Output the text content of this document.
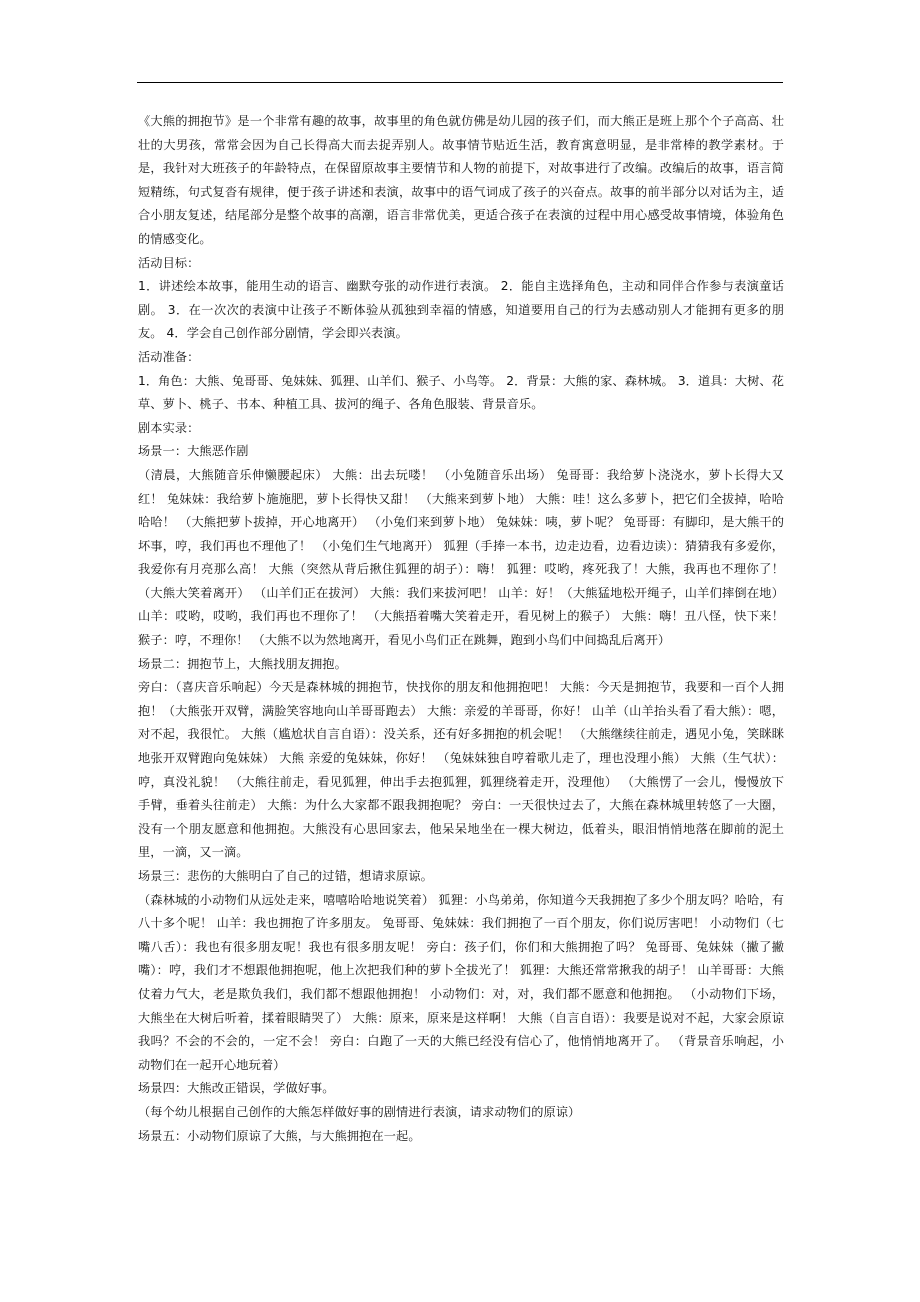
《大熊的拥抱节》是一个非常有趣的故事，故事里的角色就仿佛是幼儿园的孩子们，而大熊正是班上那个个子高高、壮壮的大男孩，常常会因为自己长得高大而去捉弄别人。故事情节贴近生活，教育寓意明显，是非常棒的教学素材。于是，我针对大班孩子的年龄特点，在保留原故事主要情节和人物的前提下，对故事进行了改编。改编后的故事，语言简短精练，句式复沓有规律，便于孩子讲述和表演，故事中的语气词成了孩子的兴奋点。故事的前半部分以对话为主，适合小朋友复述，结尾部分是整个故事的高潮，语言非常优美，更适合孩子在表演的过程中用心感受故事情境，体验角色的情感变化。

活动目标：

1．讲述绘本故事，能用生动的语言、幽默夸张的动作进行表演。 2．能自主选择角色，主动和同伴合作参与表演童话剧。 3．在一次次的表演中让孩子不断体验从孤独到幸福的情感，知道要用自己的行为去感动别人才能拥有更多的朋友。 4．学会自己创作部分剧情，学会即兴表演。

活动准备：

1．角色：大熊、兔哥哥、兔妹妹、狐狸、山羊们、猴子、小鸟等。 2．背景：大熊的家、森林城。 3．道具：大树、花草、萝卜、桃子、书本、种植工具、拔河的绳子、各角色服装、背景音乐。

剧本实录：

场景一：大熊恶作剧

（清晨，大熊随音乐伸懒腰起床） 大熊：出去玩喽！ （小兔随音乐出场） 兔哥哥：我给萝卜浇浇水，萝卜长得大又红！ 兔妹妹：我给萝卜施施肥，萝卜长得快又甜！ （大熊来到萝卜地） 大熊：哇！这么多萝卜，把它们全拔掉，哈哈哈哈！ （大熊把萝卜拔掉，开心地离开） （小兔们来到萝卜地） 兔妹妹：咦，萝卜呢？ 兔哥哥：有脚印，是大熊干的坏事，哼，我们再也不理他了！ （小兔们生气地离开） 狐狸（手捧一本书，边走边看，边看边读）：猜猜我有多爱你，我爱你有月亮那么高！ 大熊（突然从背后揪住狐狸的胡子）：嗨！ 狐狸：哎哟，疼死我了！大熊，我再也不理你了！ （大熊大笑着离开） （山羊们正在拔河） 大熊：我们来拔河吧！ 山羊：好！（大熊猛地松开绳子，山羊们摔倒在地） 山羊：哎哟，哎哟，我们再也不理你了！ （大熊捂着嘴大笑着走开，看见树上的猴子） 大熊：嗨！丑八怪，快下来！ 猴子：哼，不理你！ （大熊不以为然地离开，看见小鸟们正在跳舞，跑到小鸟们中间捣乱后离开）

场景二：拥抱节上，大熊找朋友拥抱。

旁白：（喜庆音乐响起）今天是森林城的拥抱节，快找你的朋友和他拥抱吧！ 大熊：今天是拥抱节，我要和一百个人拥抱！（大熊张开双臂，满脸笑容地向山羊哥哥跑去） 大熊：亲爱的羊哥哥，你好！ 山羊（山羊抬头看了看大熊）：嗯，对不起，我很忙。 大熊（尴尬状自言自语）：没关系，还有好多拥抱的机会呢！ （大熊继续往前走，遇见小兔，笑眯眯地张开双臂跑向兔妹妹） 大熊 亲爱的兔妹妹，你好！ （兔妹妹独自哼着歌儿走了，理也没理小熊） 大熊（生气状）：哼，真没礼貌！ （大熊往前走，看见狐狸，伸出手去抱狐狸，狐狸绕着走开，没理他） （大熊愣了一会儿，慢慢放下手臂，垂着头往前走） 大熊：为什么大家都不跟我拥抱呢？ 旁白：一天很快过去了，大熊在森林城里转悠了一大圈，没有一个朋友愿意和他拥抱。大熊没有心思回家去，他呆呆地坐在一棵大树边，低着头，眼泪悄悄地落在脚前的泥土里，一滴，又一滴。

场景三：悲伤的大熊明白了自己的过错，想请求原谅。

（森林城的小动物们从远处走来，嘻嘻哈哈地说笑着） 狐狸：小鸟弟弟，你知道今天我拥抱了多少个朋友吗？哈哈，有八十多个呢！ 山羊：我也拥抱了许多朋友。 兔哥哥、兔妹妹：我们拥抱了一百个朋友，你们说厉害吧！ 小动物们（七嘴八舌）：我也有很多朋友呢！我也有很多朋友呢！ 旁白：孩子们，你们和大熊拥抱了吗？ 兔哥哥、兔妹妹（撇了撇嘴）：哼，我们才不想跟他拥抱呢，他上次把我们种的萝卜全拔光了！ 狐狸：大熊还常常揪我的胡子！ 山羊哥哥：大熊仗着力气大，老是欺负我们，我们都不想跟他拥抱！ 小动物们：对，对，我们都不愿意和他拥抱。 （小动物们下场，大熊坐在大树后听着，揉着眼睛哭了） 大熊：原来，原来是这样啊！ 大熊（自言自语）：我要是说对不起，大家会原谅我吗？不会的不会的，一定不会！ 旁白：白跑了一天的大熊已经没有信心了，他悄悄地离开了。 （背景音乐响起，小动物们在一起开心地玩着）

场景四：大熊改正错误，学做好事。

（每个幼儿根据自己创作的大熊怎样做好事的剧情进行表演，请求动物们的原谅）

场景五：小动物们原谅了大熊，与大熊拥抱在一起。
